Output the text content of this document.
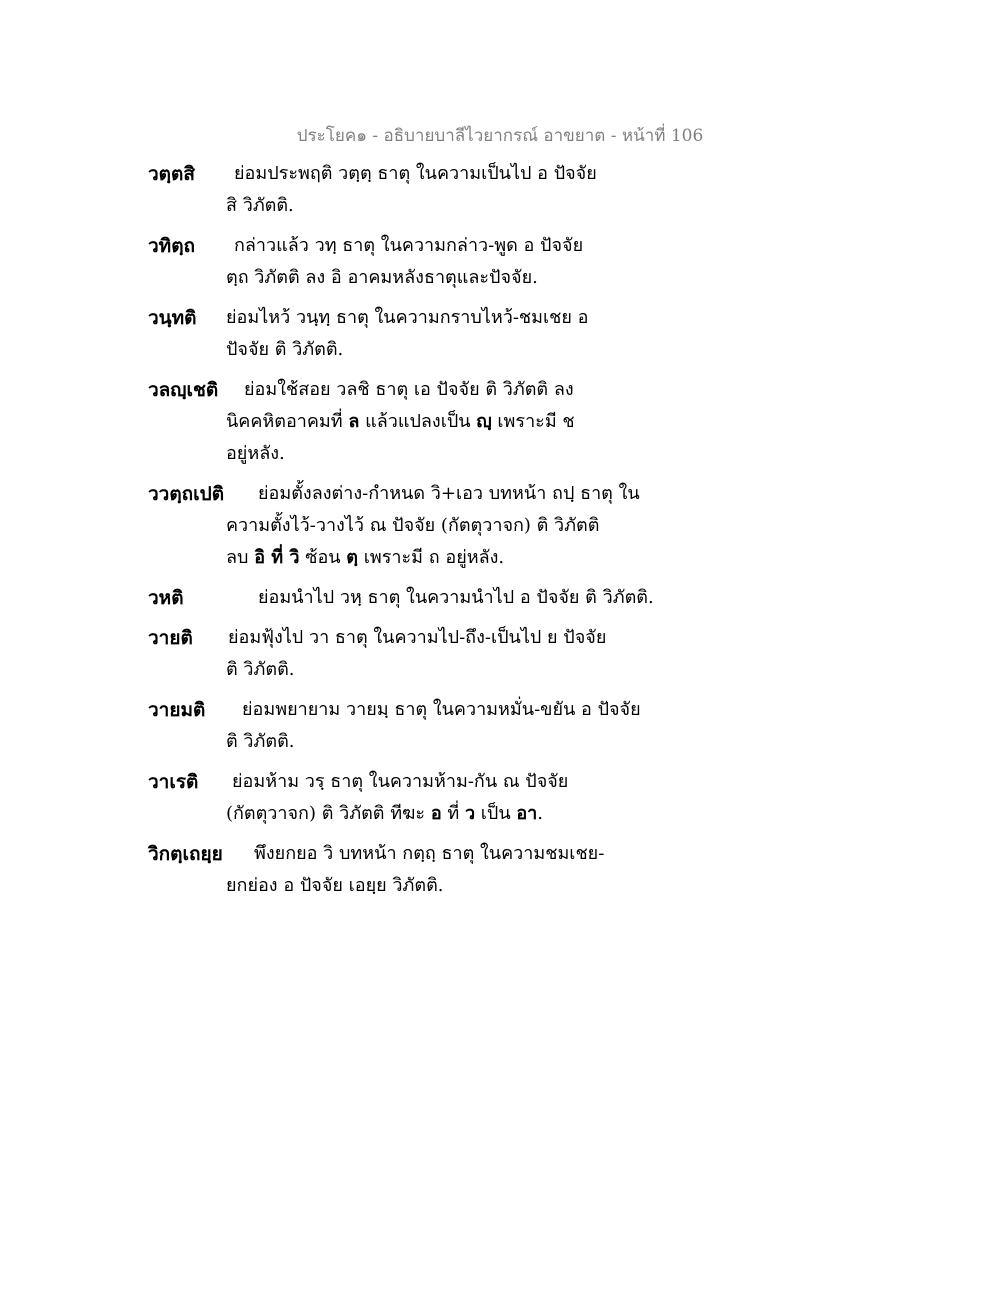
ประโยค๑ - อธิบายบาลีไวยากรณ์ อาขยาต - หน้าที่ 106
วตฺตสิ	ย่อมประพฤติ วตฺตฺ ธาตุ ในความเป็นไป อ ปัจจัย
สิ วิภัตติ.
วทิตฺถ	กล่าวแล้ว วทฺ ธาตุ ในความกล่าว-พูด อ ปัจจัย
ตฺถ วิภัตติ ลง อิ อาคมหลังธาตุและปัจจัย.
วนฺทติ	ย่อมไหว้ วนฺทฺ ธาตุ ในความกราบไหว้-ชมเชย อ
ปัจจัย ติ วิภัตติ.
วลญฺเชติ	ย่อมใช้สอย วลชิ ธาตุ เอ ปัจจัย ติ วิภัตติ ลง
นิคคหิตอาคมที่ ล แล้วแปลงเป็น ญฺ เพราะมี ช
อยู่หลัง.
ววตฺถเปติ	ย่อมตั้งลงต่าง-กำหนด วิ+เอว บทหน้า ถปฺ ธาตุ ใน
ความตั้งไว้-วางไว้ ณ ปัจจัย (กัตตุวาจก) ติ วิภัตติ
ลบ อิ ที่ วิ ซ้อน ตฺ เพราะมี ถ อยู่หลัง.
วหติ	ย่อมนำไป วหฺ ธาตุ ในความนำไป อ ปัจจัย ติ วิภัตติ.
วายติ	ย่อมฟุ้งไป วา ธาตุ ในความไป-ถึง-เป็นไป ย ปัจจัย
ติ วิภัตติ.
วายมติ	ย่อมพยายาม วายมฺ ธาตุ ในความหมั่น-ขยัน อ ปัจจัย
ติ วิภัตติ.
วาเรติ	ย่อมห้าม วรฺ ธาตุ ในความห้าม-กัน ณ ปัจจัย
(กัตตุวาจก) ติ วิภัตติ ทีฆะ อ ที่ ว เป็น อา.
วิกตฺเถยฺย	พึงยกยอ วิ บทหน้า กตฺถฺ ธาตุ ในความชมเชย-
ยกย่อง อ ปัจจัย เอยฺย วิภัตติ.
